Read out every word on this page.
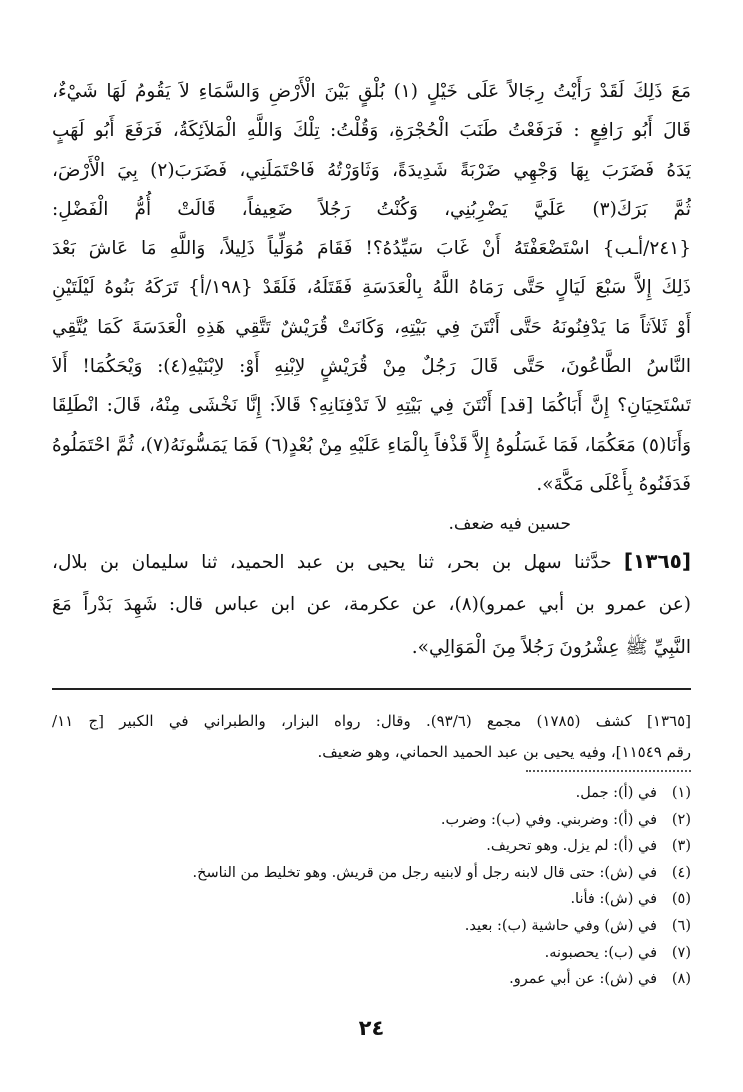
مَعَ ذَلِكَ لَقَدْ رَأَيْتُ رِجَالاً عَلَى خَيْلٍ (١) بُلْقٍ بَيْنَ الْأَرْضِ وَالسَّمَاءِ لاَ يَقُومُ لَهَا شَيْءٌ،
قَالَ أَبُو رَافِعٍ : فَرَفَعْتُ طَنَبَ الْحُجْرَةِ، وَقُلْتُ: تِلْكَ وَاللَّهِ الْمَلاَئِكَةُ، فَرَفَعَ أَبُو لَهَبٍ
يَدَهُ فَضَرَبَ بِهَا وَجْهِي ضَرْبَةً شَدِيدَةً، وَثَاوَرْتُهُ فَاحْتَمَلَنِي، فَضَرَبَ(٢) بِيَ الْأَرْضَ،
ثُمَّ بَرَكَ(٣) عَلَيَّ يَضْرِبُنِي، وَكُنْتُ رَجُلاً ضَعِيفاً، قَالَتْ أُمُّ الْفَضْلِ:
{٢٤١/أـب} اسْتَضْعَفْتَهُ أَنْ غَابَ سَيِّدُهُ؟! فَقَامَ مُوَلِّياً ذَلِيلاً، وَاللَّهِ مَا عَاشَ بَعْدَ
ذَلِكَ إِلاَّ سَبْعَ لَيَالٍ حَتَّى رَمَاهُ اللَّهُ بِالْعَدَسَةِ فَقَتَلَهُ، فَلَقَدْ {١٩٨/أ} تَرَكَهُ بَنُوهُ لَيْلَتَيْنِ
أَوْ ثَلاَثاً مَا يَدْفِنُونَهُ حَتَّى أَنْتَنَ فِي بَيْتِهِ، وَكَانَتْ قُرَيْشٌ تَتَّقِي هَذِهِ الْعَدَسَةَ كَمَا يُتَّقِي
النَّاسُ الطَّاعُونَ، حَتَّى قَالَ رَجُلٌ مِنْ قُرَيْشٍ لاِبْنِهِ أَوْ: لاِبْنَيْهِ(٤): وَيْحَكُمَا! أَلاَ
تَسْتَحِيَانِ؟ إِنَّ أَبَاكُمَا [قد] أَنْتَنَ فِي بَيْتِهِ لاَ تَدْفِنَانِهِ؟ قَالاَ: إِنَّا نَخْشَى مِنْهُ، قَالَ: انْطَلِقَا
وَأَنَا(٥) مَعَكُمَا، فَمَا غَسَلُوهُ إِلاَّ قَذْفاً بِالْمَاءِ عَلَيْهِ مِنْ بُعْدٍ(٦) فَمَا يَمَسُّونَهُ(٧)، ثُمَّ احْتَمَلُوهُ
فَدَفَنُوهُ بِأَعْلَى مَكَّةَ».
حسين فيه ضعف.
[١٣٦٥] حدَّثنا سهل بن بحر، ثنا يحيى بن عبد الحميد، ثنا سليمان بن بلال،
(عن عمرو بن أبي عمرو)(٨)، عن عكرمة، عن ابن عباس قال: شَهِدَ بَدْراً مَعَ
النَّبِيِّ ﷺ عِشْرُونَ رَجُلاً مِنَ الْمَوَالِي».
[١٣٦٥] كشف (١٧٨٥) مجمع (٩٣/٦). وقال: رواه البزار، والطبراني في الكبير [ج ١١/
رقم ١١٥٤٩]، وفيه يحيى بن عبد الحميد الحماني، وهو ضعيف.
(١)في (أ): جمل.
(٢)في (أ): وضربني. وفي (ب): وضرب.
(٣)في (أ): لم يزل. وهو تحريف.
(٤)في (ش): حتى قال لابنه رجل أو لابنيه رجل من قريش. وهو تخليط من الناسخ.
(٥)في (ش): فأنا.
(٦)في (ش) وفي حاشية (ب): بعيد.
(٧)في (ب): يحصبونه.
(٨)في (ش): عن أبي عمرو.
٢٤
